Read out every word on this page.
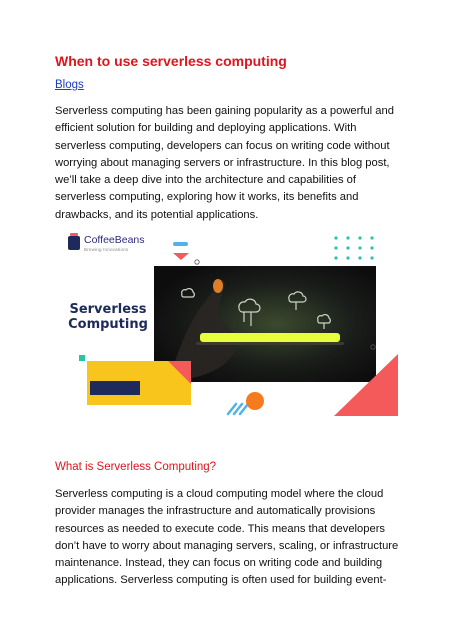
When to use serverless computing
Blogs
Serverless computing has been gaining popularity as a powerful and efficient solution for building and deploying applications. With serverless computing, developers can focus on writing code without worrying about managing servers or infrastructure. In this blog post, we’ll take a deep dive into the architecture and capabilities of serverless computing, exploring how it works, its benefits and drawbacks, and its potential applications.
CoffeeBeans
Brewing Innovations
Serverless
Computing
What is Serverless Computing?
Serverless computing is a cloud computing model where the cloud provider manages the infrastructure and automatically provisions resources as needed to execute code. This means that developers don’t have to worry about managing servers, scaling, or infrastructure maintenance. Instead, they can focus on writing code and building applications. Serverless computing is often used for building event-
